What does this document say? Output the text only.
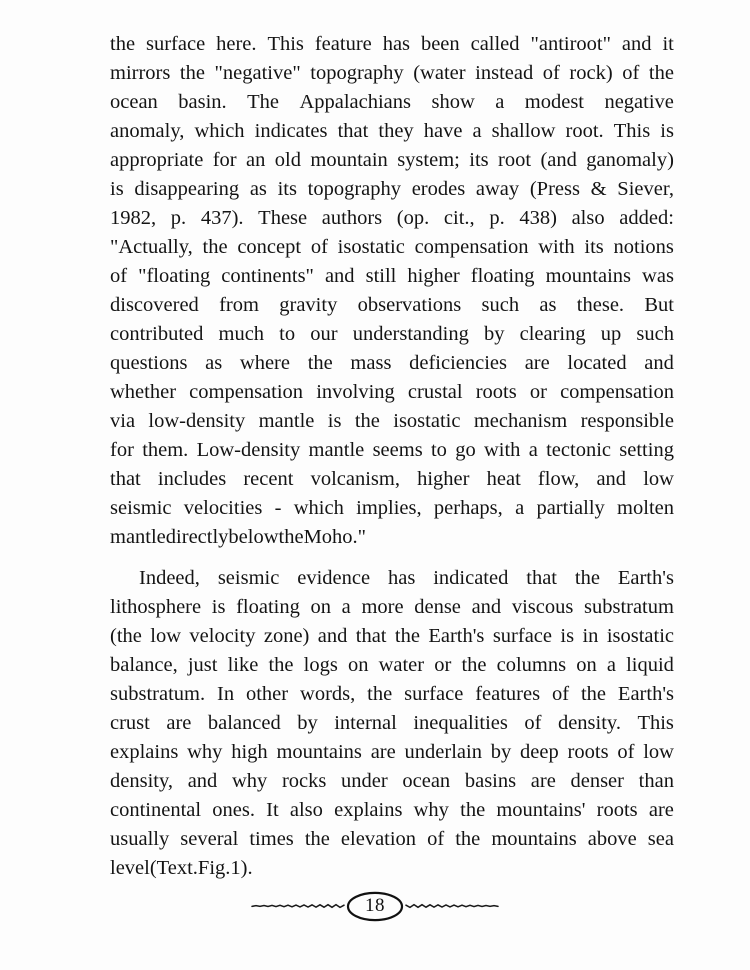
the surface here. This feature has been called "antiroot" and it
mirrors the "negative" topography (water instead of rock) of the
ocean basin. The Appalachians show a modest negative
anomaly, which indicates that they have a shallow root. This is
appropriate for an old mountain system; its root (and ganomaly)
is disappearing as its topography erodes away (Press & Siever,
1982, p. 437). These authors (op. cit., p. 438) also added:
"Actually, the concept of isostatic compensation with its notions
of "floating continents" and still higher floating mountains was
discovered from gravity observations such as these. But
contributed much to our understanding by clearing up such
questions as where the mass deficiencies are located and
whether compensation involving crustal roots or compensation
via low-density mantle is the isostatic mechanism responsible
for them. Low-density mantle seems to go with a tectonic setting
that includes recent volcanism, higher heat flow, and low
seismic velocities - which implies, perhaps, a partially molten
mantle directly below the Moho."

Indeed, seismic evidence has indicated that the Earth's
lithosphere is floating on a more dense and viscous substratum
(the low velocity zone) and that the Earth's surface is in isostatic
balance, just like the logs on water or the columns on a liquid
substratum. In other words, the surface features of the Earth's
crust are balanced by internal inequalities of density. This
explains why high mountains are underlain by deep roots of low
density, and why rocks under ocean basins are denser than
continental ones. It also explains why the mountains' roots are
usually several times the elevation of the mountains above sea
level (Text.Fig. 1).

18
